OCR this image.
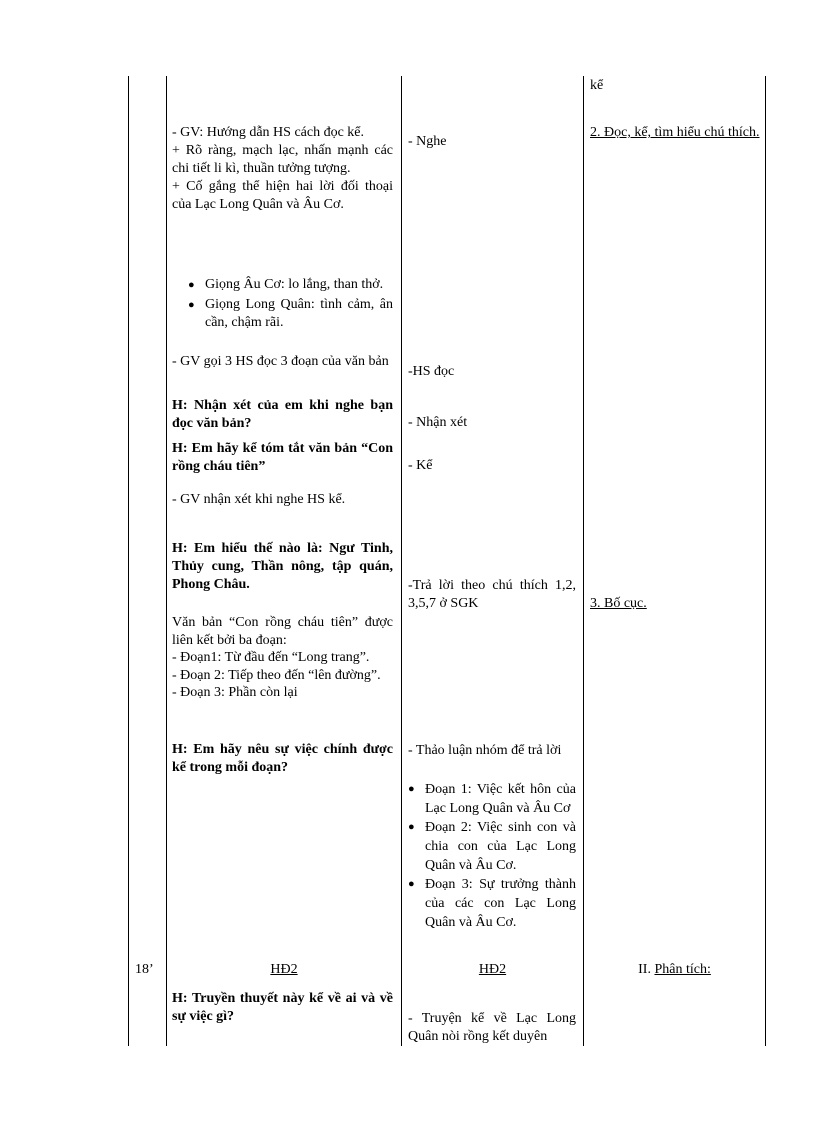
kể

2. Đọc, kể, tìm hiểu chú thích.

3. Bố cục.

II. Phân tích:
18’

- GV: Hướng dẫn HS cách đọc kể.

+ Rõ ràng, mạch lạc, nhấn mạnh các chi tiết li kì, thuần tưởng tượng.

+ Cố gắng thể hiện hai lời đối thoại của Lạc Long Quân và Âu Cơ.

● Giọng Âu Cơ: lo lắng, than thở.

● Giọng Long Quân: tình cảm, ân cần, chậm rãi.

- GV gọi 3 HS đọc 3 đoạn của văn bản

H: Nhận xét của em khi nghe bạn đọc văn bản?

H: Em hãy kể tóm tắt văn bản “Con rồng cháu tiên”

- GV nhận xét khi nghe HS kể.

H: Em hiểu thế nào là: Ngư Tinh, Thủy cung, Thần nông, tập quán, Phong Châu.

Văn bản “Con rồng cháu tiên” được liên kết bởi ba đoạn:

- Đoạn1: Từ đầu đến “Long trang”.

- Đoạn 2: Tiếp theo đến “lên đường”.

- Đoạn 3: Phần còn lại

H: Em hãy nêu sự việc chính được kể trong mỗi đoạn?

HĐ2

H: Truyền thuyết này kể về ai và về sự việc gì?

- Nghe

-HS đọc

- Nhận xét

- Kể

-Trả lời theo chú thích 1,2, 3,5,7 ở SGK

- Thảo luận nhóm để trả lời

● Đoạn 1: Việc kết hôn của Lạc Long Quân và Âu Cơ

● Đoạn 2: Việc sinh con và chia con của Lạc Long Quân và Âu Cơ.

● Đoạn 3: Sự trưởng thành của các con Lạc Long Quân và Âu Cơ.

HĐ2

- Truyện kể về Lạc Long Quân nòi rồng kết duyên
